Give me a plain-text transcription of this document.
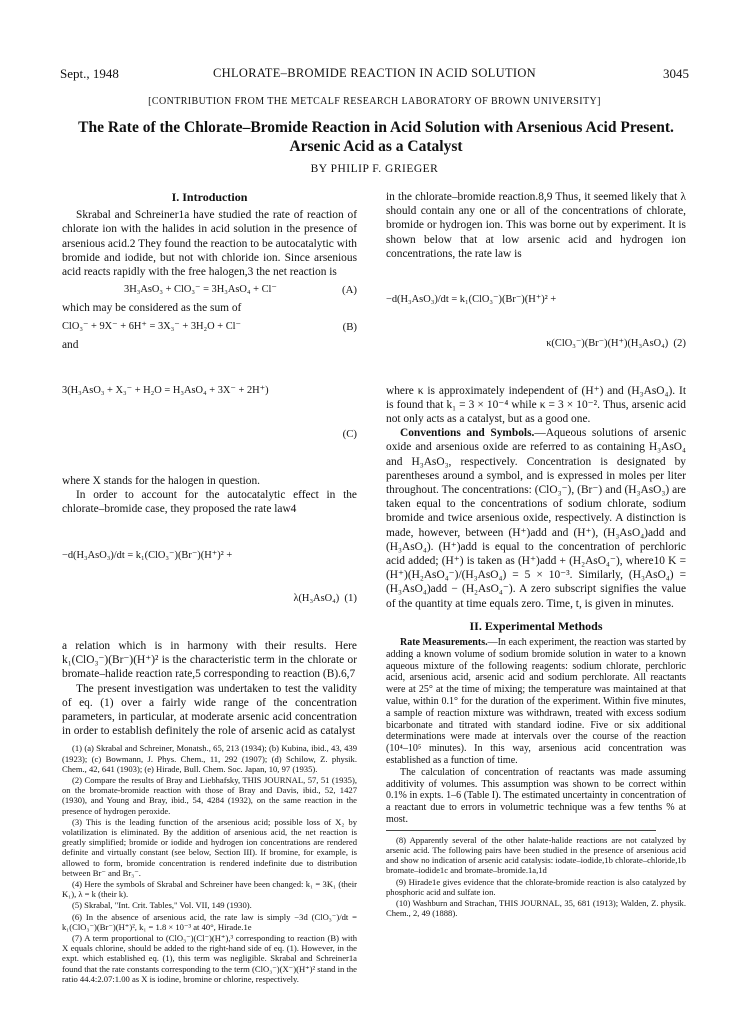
Sept., 1948	CHLORATE–BROMIDE REACTION IN ACID SOLUTION	3045
[CONTRIBUTION FROM THE METCALF RESEARCH LABORATORY OF BROWN UNIVERSITY]
The Rate of the Chlorate–Bromide Reaction in Acid Solution with Arsenious Acid Present. Arsenic Acid as a Catalyst
BY PHILIP F. GRIEGER
I. Introduction

Skrabal and Schreiner1a have studied the rate of reaction of chlorate ion with the halides in acid solution in the presence of arsenious acid.2 They found the reaction to be autocatalytic with bromide and iodide, but not with chloride ion. Since arsenious acid reacts rapidly with the free halogen,3 the net reaction is

3H₃AsO₃ + ClO₃⁻ = 3H₃AsO₄ + Cl⁻	(A)

which may be considered as the sum of

ClO₃⁻ + 9X⁻ + 6H⁺ = 3X₃⁻ + 3H₂O + Cl⁻	(B)

and

3(H₃AsO₃ + X₃⁻ + H₂O = H₃AsO₄ + 3X⁻ + 2H⁺)

(C)

where X stands for the halogen in question.

In order to account for the autocatalytic effect in the chlorate–bromide case, they proposed the rate law4

−d(H₃AsO₃)/dt = k₁(ClO₃⁻)(Br⁻)(H⁺)² +

λ(H₃AsO₄) (1)

a relation which is in harmony with their results. Here k₁(ClO₃⁻)(Br⁻)(H⁺)² is the characteristic term in the chlorate or bromate–halide reaction rate,5 corresponding to reaction (B).6,7

The present investigation was undertaken to test the validity of eq. (1) over a fairly wide range of the concentration parameters, in particular, at moderate arsenic acid concentration in order to establish definitely the role of arsenic acid as catalyst

(1) (a) Skrabal and Schreiner, Monatsh., 65, 213 (1934); (b) Kubina, ibid., 43, 439 (1923); (c) Bowmann, J. Phys. Chem., 11, 292 (1907); (d) Schilow, Z. physik. Chem., 42, 641 (1903); (e) Hirade, Bull. Chem. Soc. Japan, 10, 97 (1935).

(2) Compare the results of Bray and Liebhafsky, THIS JOURNAL, 57, 51 (1935), on the bromate-bromide reaction with those of Bray and Davis, ibid., 52, 1427 (1930), and Young and Bray, ibid., 54, 4284 (1932), on the same reaction in the presence of hydrogen peroxide.

(3) This is the leading function of the arsenious acid; possible loss of X₂ by volatilization is eliminated. By the addition of arsenious acid, the net reaction is greatly simplified; bromide or iodide and hydrogen ion concentrations are rendered definite and virtually constant (see below, Section III). If bromine, for example, is allowed to form, bromide concentration is rendered indefinite due to distribution between Br⁻ and Br₃⁻.

(4) Here the symbols of Skrabal and Schreiner have been changed: k₁ = 3K₁ (their K₁), λ = k (their k).

(5) Skrabal, "Int. Crit. Tables," Vol. VII, 149 (1930).

(6) In the absence of arsenious acid, the rate law is simply −3d (ClO₃⁻)/dt = k₁(ClO₃⁻)(Br⁻)(H⁺)², k₁ = 1.8 × 10⁻³ at 40°, Hirade.1e

(7) A term proportional to (ClO₃⁻)(Cl⁻)(H⁺),³ corresponding to reaction (B) with X equals chlorine, should be added to the right-hand side of eq. (1). However, in the expt. which established eq. (1), this term was negligible. Skrabal and Schreiner1a found that the rate constants corresponding to the term (ClO₃⁻)(X⁻)(H⁺)² stand in the ratio 44.4:2.07:1.00 as X is iodine, bromine or chlorine, respectively.

in the chlorate–bromide reaction.8,9 Thus, it seemed likely that λ should contain any one or all of the concentrations of chlorate, bromide or hydrogen ion. This was borne out by experiment. It is shown below that at low arsenic acid and hydrogen ion concentrations, the rate law is

−d(H₃AsO₃)/dt = k₁(ClO₃⁻)(Br⁻)(H⁺)² +

κ(ClO₃⁻)(Br⁻)(H⁺)(H₃AsO₄) (2)

where κ is approximately independent of (H⁺) and (H₃AsO₄). It is found that k₁ = 3 × 10⁻⁴ while κ = 3 × 10⁻². Thus, arsenic acid not only acts as a catalyst, but as a good one.

Conventions and Symbols.—Aqueous solutions of arsenic oxide and arsenious oxide are referred to as containing H₃AsO₄ and H₃AsO₃, respectively. Concentration is designated by parentheses around a symbol, and is expressed in moles per liter throughout. The concentrations: (ClO₃⁻), (Br⁻) and (H₃AsO₃) are taken equal to the concentrations of sodium chlorate, sodium bromide and twice arsenious oxide, respectively. A distinction is made, however, between (H⁺)add and (H⁺), (H₃AsO₄)add and (H₃AsO₄). (H⁺)add is equal to the concentration of perchloric acid added; (H⁺) is taken as (H⁺)add + (H₂AsO₄⁻), where10 K = (H⁺)(H₂AsO₄⁻)/(H₃AsO₄) = 5 × 10⁻³. Similarly, (H₃AsO₄) = (H₃AsO₄)add − (H₂AsO₄⁻). A zero subscript signifies the value of the quantity at time equals zero. Time, t, is given in minutes.

II. Experimental Methods

Rate Measurements.—In each experiment, the reaction was started by adding a known volume of sodium bromide solution in water to a known aqueous mixture of the following reagents: sodium chlorate, perchloric acid, arsenious acid, arsenic acid and sodium perchlorate. All reactants were at 25° at the time of mixing; the temperature was maintained at that value, within 0.1° for the duration of the experiment. Within five minutes, a sample of reaction mixture was withdrawn, treated with excess sodium bicarbonate and titrated with standard iodine. Five or six additional determinations were made at intervals over the course of the reaction (10⁴–10⁵ minutes). In this way, arsenious acid concentration was established as a function of time.

The calculation of concentration of reactants was made assuming additivity of volumes. This assumption was shown to be correct within 0.1% in expts. 1–6 (Table I). The estimated uncertainty in concentration of a reactant due to errors in volumetric technique was a few tenths % at most.

(8) Apparently several of the other halate-halide reactions are not catalyzed by arsenic acid. The following pairs have been studied in the presence of arsenious acid and show no indication of arsenic acid catalysis: iodate–iodide,1b chlorate–chloride,1b bromate–iodide1c and bromate–bromide.1a,1d

(9) Hirade1e gives evidence that the chlorate-bromide reaction is also catalyzed by phosphoric acid and sulfate ion.

(10) Washburn and Strachan, THIS JOURNAL, 35, 681 (1913); Walden, Z. physik. Chem., 2, 49 (1888).
